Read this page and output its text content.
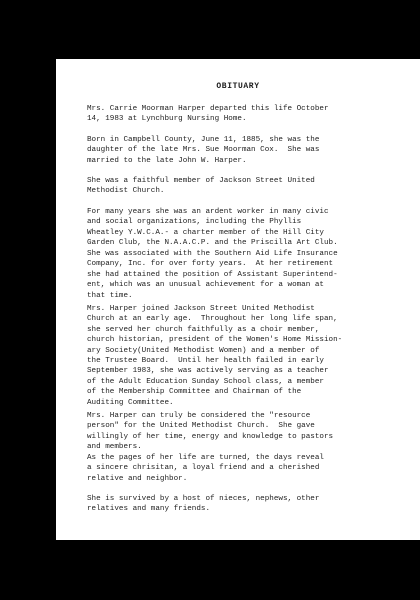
OBITUARY

Mrs. Carrie Moorman Harper departed this life October
14, 1983 at Lynchburg Nursing Home.

Born in Campbell County, June 11, 1885, she was the
daughter of the late Mrs. Sue Moorman Cox.  She was
married to the late John W. Harper.

She was a faithful member of Jackson Street United
Methodist Church.

For many years she was an ardent worker in many civic
and social organizations, including the Phyllis
Wheatley Y.W.C.A.- a charter member of the Hill City
Garden Club, the N.A.A.C.P. and the Priscilla Art Club.

She was associated with the Southern Aid Life Insurance
Company, Inc. for over forty years.  At her retirement
she had attained the position of Assistant Superintend-
ent, which was an unusual achievement for a woman at
that time.

Mrs. Harper joined Jackson Street United Methodist
Church at an early age.  Throughout her long life span,
she served her church faithfully as a choir member,
church historian, president of the Women's Home Mission-
ary Society(United Methodist Women) and a member of
the Trustee Board.  Until her health failed in early
September 1983, she was actively serving as a teacher
of the Adult Education Sunday School class, a member
of the Membership Committee and Chairman of the
Auditing Committee.

Mrs. Harper can truly be considered the "resource
person" for the United Methodist Church.  She gave
willingly of her time, energy and knowledge to pastors
and members.

As the pages of her life are turned, the days reveal
a sincere chrisitan, a loyal friend and a cherished
relative and neighbor.

She is survived by a host of nieces, nephews, other
relatives and many friends.
